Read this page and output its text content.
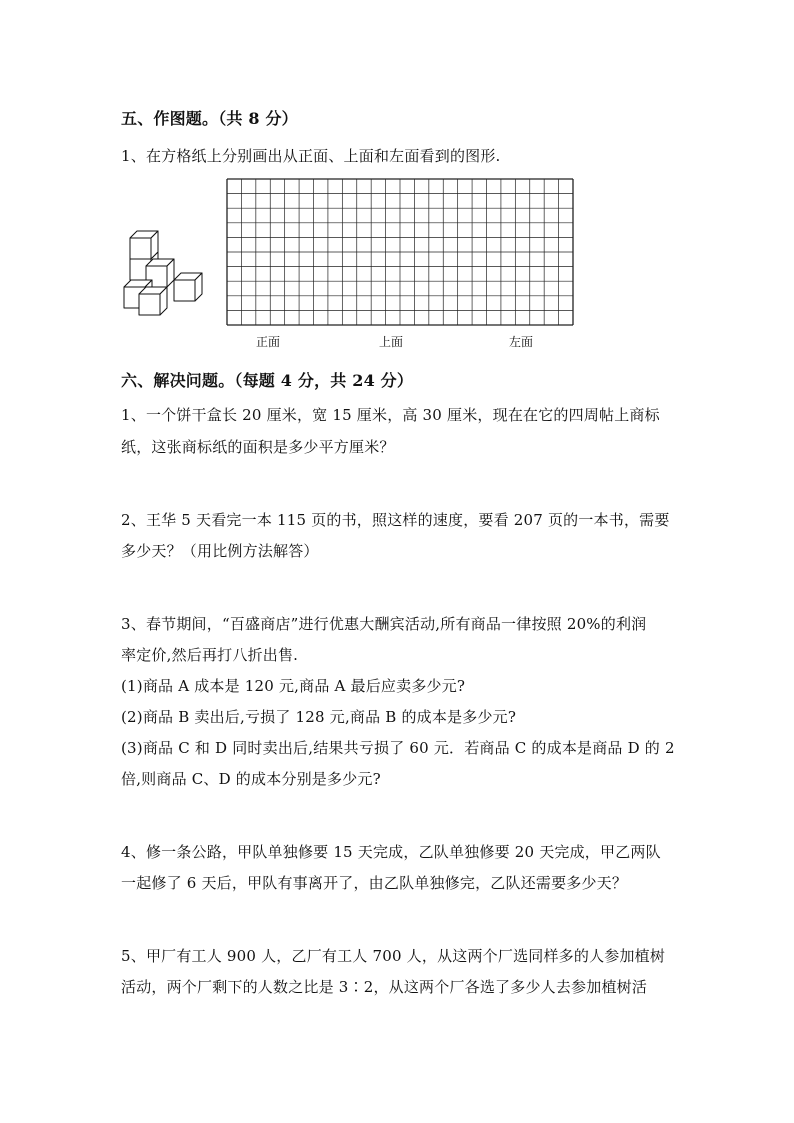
五、作图题。（共 8 分）
1、在方格纸上分别画出从正面、上面和左面看到的图形.
正面	上面	左面
六、解决问题。（每题 4 分，共 24 分）
1、一个饼干盒长 20 厘米，宽 15 厘米，高 30 厘米，现在在它的四周帖上商标
纸，这张商标纸的面积是多少平方厘米？
2、王华 5 天看完一本 115 页的书，照这样的速度，要看 207 页的一本书，需要
多少天？（用比例方法解答）
3、春节期间，“百盛商店”进行优惠大酬宾活动,所有商品一律按照 20%的利润
率定价,然后再打八折出售.
(1)商品 A 成本是 120 元,商品 A 最后应卖多少元?
(2)商品 B 卖出后,亏损了 128 元,商品 B 的成本是多少元?
(3)商品 C 和 D 同时卖出后,结果共亏损了 60 元．若商品 C 的成本是商品 D 的 2
倍,则商品 C、D 的成本分别是多少元?
4、修一条公路，甲队单独修要 15 天完成，乙队单独修要 20 天完成，甲乙两队
一起修了 6 天后，甲队有事离开了，由乙队单独修完，乙队还需要多少天？
5、甲厂有工人 900 人，乙厂有工人 700 人，从这两个厂选同样多的人参加植树
活动，两个厂剩下的人数之比是 3∶2，从这两个厂各选了多少人去参加植树活
